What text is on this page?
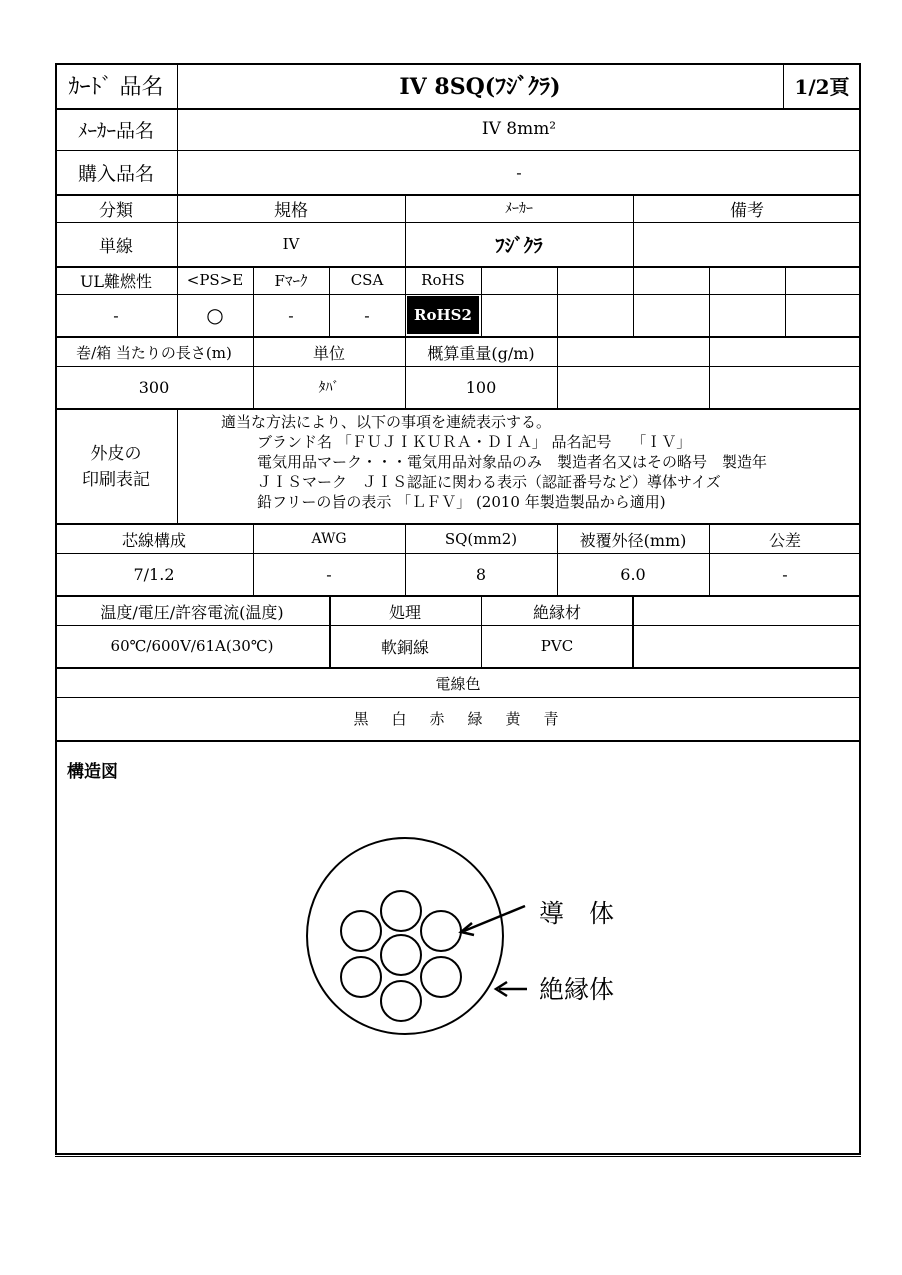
ｶｰﾄﾞ 品名	IV 8SQ(ﾌｼﾞｸﾗ)	1/2頁
ﾒｰｶｰ品名	IV 8mm²
購入品名	-
分類	規格	ﾒｰｶｰ	備考
単線	IV	ﾌｼﾞｸﾗ
UL難燃性	<PS>E	Fﾏｰｸ	CSA	RoHS
-	○	-	-	RoHS2
巻/箱 当たりの長さ(m)	単位	概算重量(g/m)
300	ﾀﾊﾞ	100
外皮の
印刷表記
適当な方法により、以下の事項を連続表示する。
ブランド名 「ＦＵＪＩＫＵＲＡ・ＤＩＡ」 品名記号　 「ＩＶ」
電気用品マーク・・・電気用品対象品のみ　製造者名又はその略号　製造年
ＪＩＳマーク　ＪＩＳ認証に関わる表示（認証番号など）導体サイズ
鉛フリーの旨の表示 「ＬＦＶ」 (2010 年製造製品から適用)
芯線構成	AWG	SQ(mm2)	被覆外径(mm)	公差
7/1.2	-	8	6.0	-
温度/電圧/許容電流(温度)	処理	絶縁材
60℃/600V/61A(30℃)	軟銅線	PVC
電線色
黒　白　赤　緑　黄　青
構造図
導　体
絶縁体
